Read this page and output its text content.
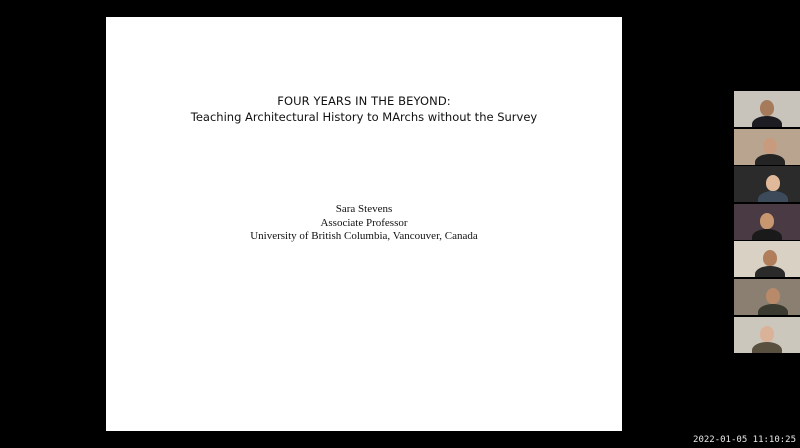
FOUR YEARS IN THE BEYOND:
Teaching Architectural History to MArchs without the Survey
Sara Stevens
Associate Professor
University of British Columbia, Vancouver, Canada
2022-01-05 11:10:25
